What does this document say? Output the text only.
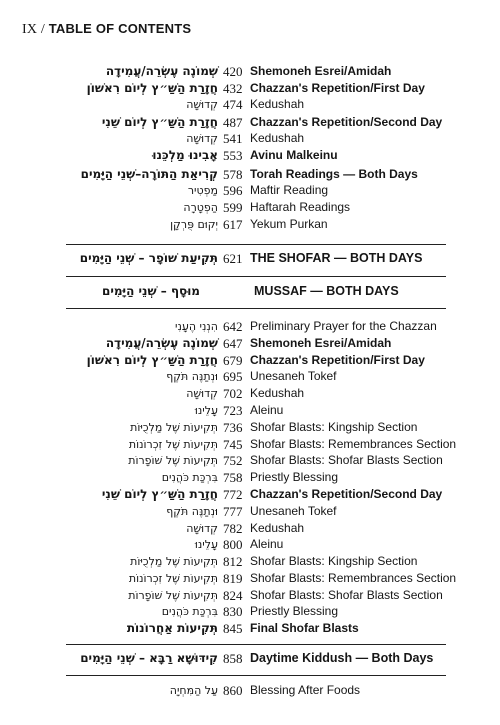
IX / TABLE OF CONTENTS
שְׁמוֹנֶה עֶשְׂרֵה/עֲמִידָה 420 Shemoneh Esrei/Amidah
חֲזָרַת הַשַּׁ״ץ לְיוֹם רִאשׁוֹן 432 Chazzan's Repetition/First Day
קְדוּשָׁה 474 Kedushah
חֲזָרַת הַשַּׁ״ץ לְיוֹם שֵׁנִי 487 Chazzan's Repetition/Second Day
קְדוּשָׁה 541 Kedushah
אָבִינוּ מַלְכֵּנוּ 553 Avinu Malkeinu
קְרִיאַת הַתּוֹרָה–שְׁנֵי הַיָּמִים 578 Torah Readings — Both Days
מַפְטִיר 596 Maftir Reading
הַפְטָרָה 599 Haftarah Readings
יְקוּם פֻּרְקָן 617 Yekum Purkan
תְּקִיעַת שׁוֹפָר – שְׁנֵי הַיָּמִים 621 THE SHOFAR — BOTH DAYS
מוּסָף – שְׁנֵי הַיָּמִים	MUSSAF — BOTH DAYS
הִנְנִי הֶעָנִי 642 Preliminary Prayer for the Chazzan
שְׁמוֹנֶה עֶשְׂרֵה/עֲמִידָה 647 Shemoneh Esrei/Amidah
חֲזָרַת הַשַּׁ״ץ לְיוֹם רִאשׁוֹן 679 Chazzan's Repetition/First Day
וּנְתַנֶּה תֹּקֶף 695 Unesaneh Tokef
קְדוּשָׁה 702 Kedushah
עָלֵינוּ 723 Aleinu
תְּקִיעוֹת שֶׁל מַלְכֻיּוֹת 736 Shofar Blasts: Kingship Section
תְּקִיעוֹת שֶׁל זִכְרוֹנוֹת 745 Shofar Blasts: Remembrances Section
תְּקִיעוֹת שֶׁל שׁוֹפָרוֹת 752 Shofar Blasts: Shofar Blasts Section
בִּרְכַּת כֹּהֲנִים 758 Priestly Blessing
חֲזָרַת הַשַּׁ״ץ לְיוֹם שֵׁנִי 772 Chazzan's Repetition/Second Day
וּנְתַנֶּה תֹּקֶף 777 Unesaneh Tokef
קְדוּשָׁה 782 Kedushah
עָלֵינוּ 800 Aleinu
תְּקִיעוֹת שֶׁל מַלְכֻיּוֹת 812 Shofar Blasts: Kingship Section
תְּקִיעוֹת שֶׁל זִכְרוֹנוֹת 819 Shofar Blasts: Remembrances Section
תְּקִיעוֹת שֶׁל שׁוֹפָרוֹת 824 Shofar Blasts: Shofar Blasts Section
בִּרְכַּת כֹּהֲנִים 830 Priestly Blessing
תְּקִיעוֹת אַחֲרוֹנוֹת 845 Final Shofar Blasts
קִידּוּשָׁא רַבָּא – שְׁנֵי הַיָּמִים 858 Daytime Kiddush — Both Days
עַל הַמִּחְיָה 860 Blessing After Foods
